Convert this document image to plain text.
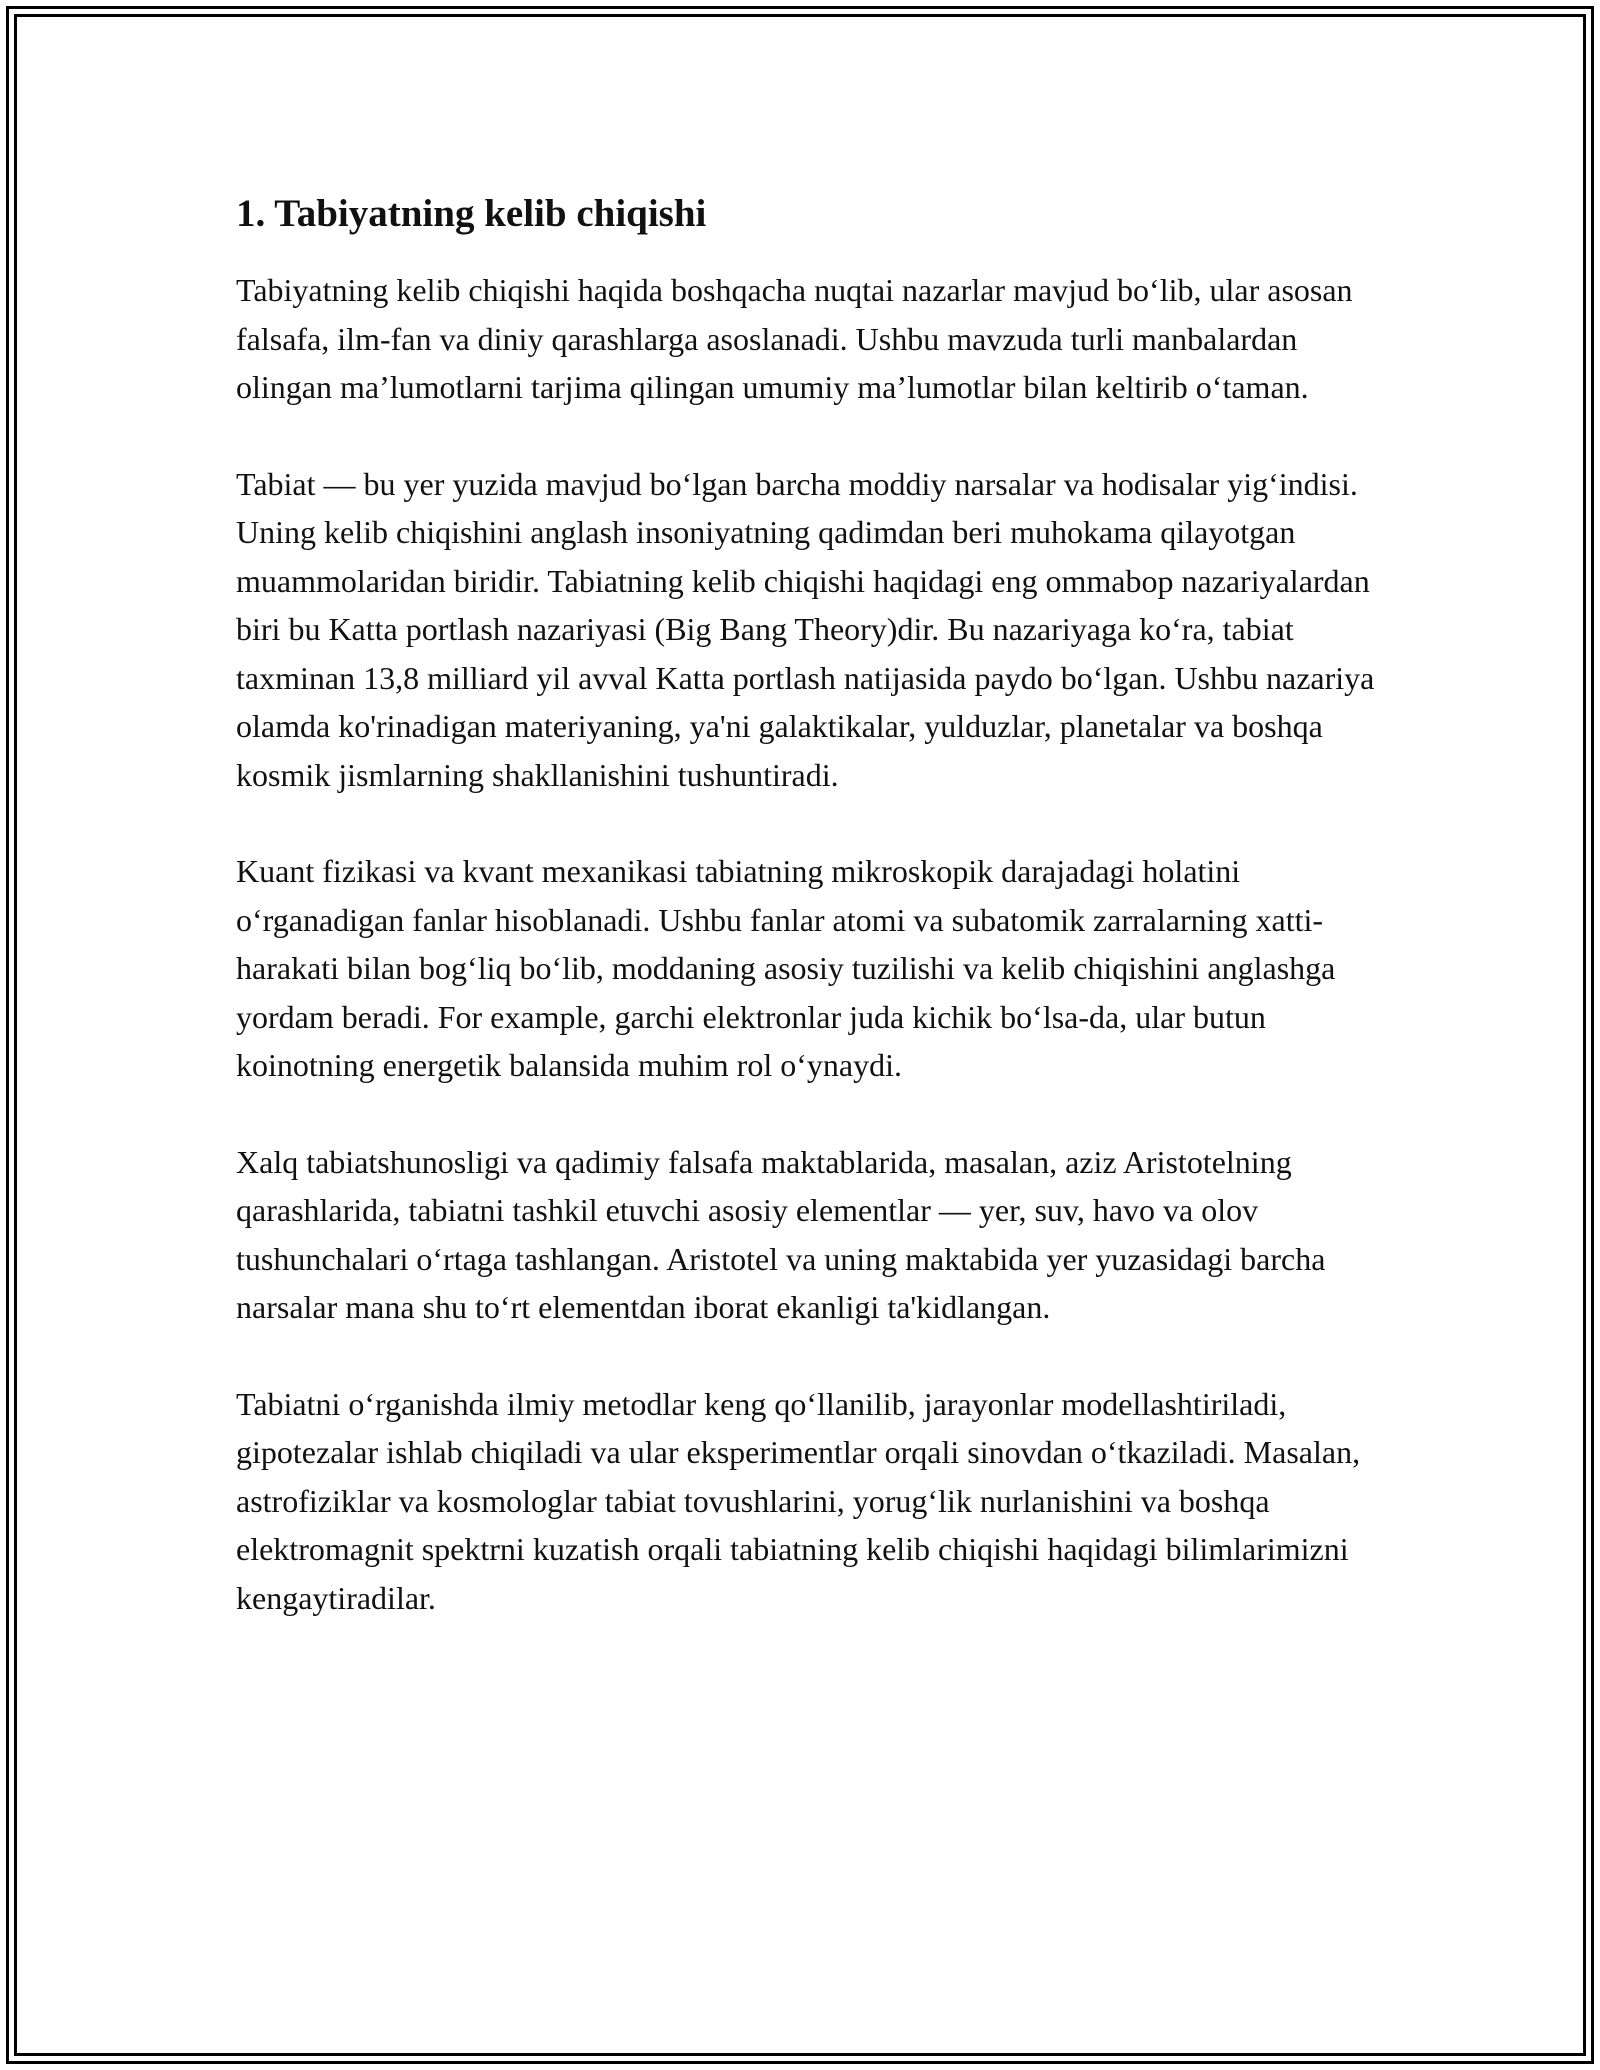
1. Tabiyatning kelib chiqishi

Tabiyatning kelib chiqishi haqida boshqacha nuqtai nazarlar mavjud bo‘lib, ular asosan falsafa, ilm-fan va diniy qarashlarga asoslanadi. Ushbu mavzuda turli manbalardan olingan ma’lumotlarni tarjima qilingan umumiy ma’lumotlar bilan keltirib o‘taman.

Tabiat — bu yer yuzida mavjud bo‘lgan barcha moddiy narsalar va hodisalar yig‘indisi. Uning kelib chiqishini anglash insoniyatning qadimdan beri muhokama qilayotgan muammolaridan biridir. Tabiatning kelib chiqishi haqidagi eng ommabop nazariyalardan biri bu Katta portlash nazariyasi (Big Bang Theory)dir. Bu nazariyaga ko‘ra, tabiat taxminan 13,8 milliard yil avval Katta portlash natijasida paydo bo‘lgan. Ushbu nazariya olamda ko'rinadigan materiyaning, ya'ni galaktikalar, yulduzlar, planetalar va boshqa kosmik jismlarning shakllanishini tushuntiradi.

Kuant fizikasi va kvant mexanikasi tabiatning mikroskopik darajadagi holatini o‘rganadigan fanlar hisoblanadi. Ushbu fanlar atomi va subatomik zarralarning xatti-harakati bilan bog‘liq bo‘lib, moddaning asosiy tuzilishi va kelib chiqishini anglashga yordam beradi. For example, garchi elektronlar juda kichik bo‘lsa-da, ular butun koinotning energetik balansida muhim rol o‘ynaydi.

Xalq tabiatshunosligi va qadimiy falsafa maktablarida, masalan, aziz Aristotelning qarashlarida, tabiatni tashkil etuvchi asosiy elementlar — yer, suv, havo va olov tushunchalari o‘rtaga tashlangan. Aristotel va uning maktabida yer yuzasidagi barcha narsalar mana shu to‘rt elementdan iborat ekanligi ta'kidlangan.

Tabiatni o‘rganishda ilmiy metodlar keng qo‘llanilib, jarayonlar modellashtiriladi, gipotezalar ishlab chiqiladi va ular eksperimentlar orqali sinovdan o‘tkaziladi. Masalan, astrofiziklar va kosmologlar tabiat tovushlarini, yorug‘lik nurlanishini va boshqa elektromagnit spektrni kuzatish orqali tabiatning kelib chiqishi haqidagi bilimlarimizni kengaytiradilar.
